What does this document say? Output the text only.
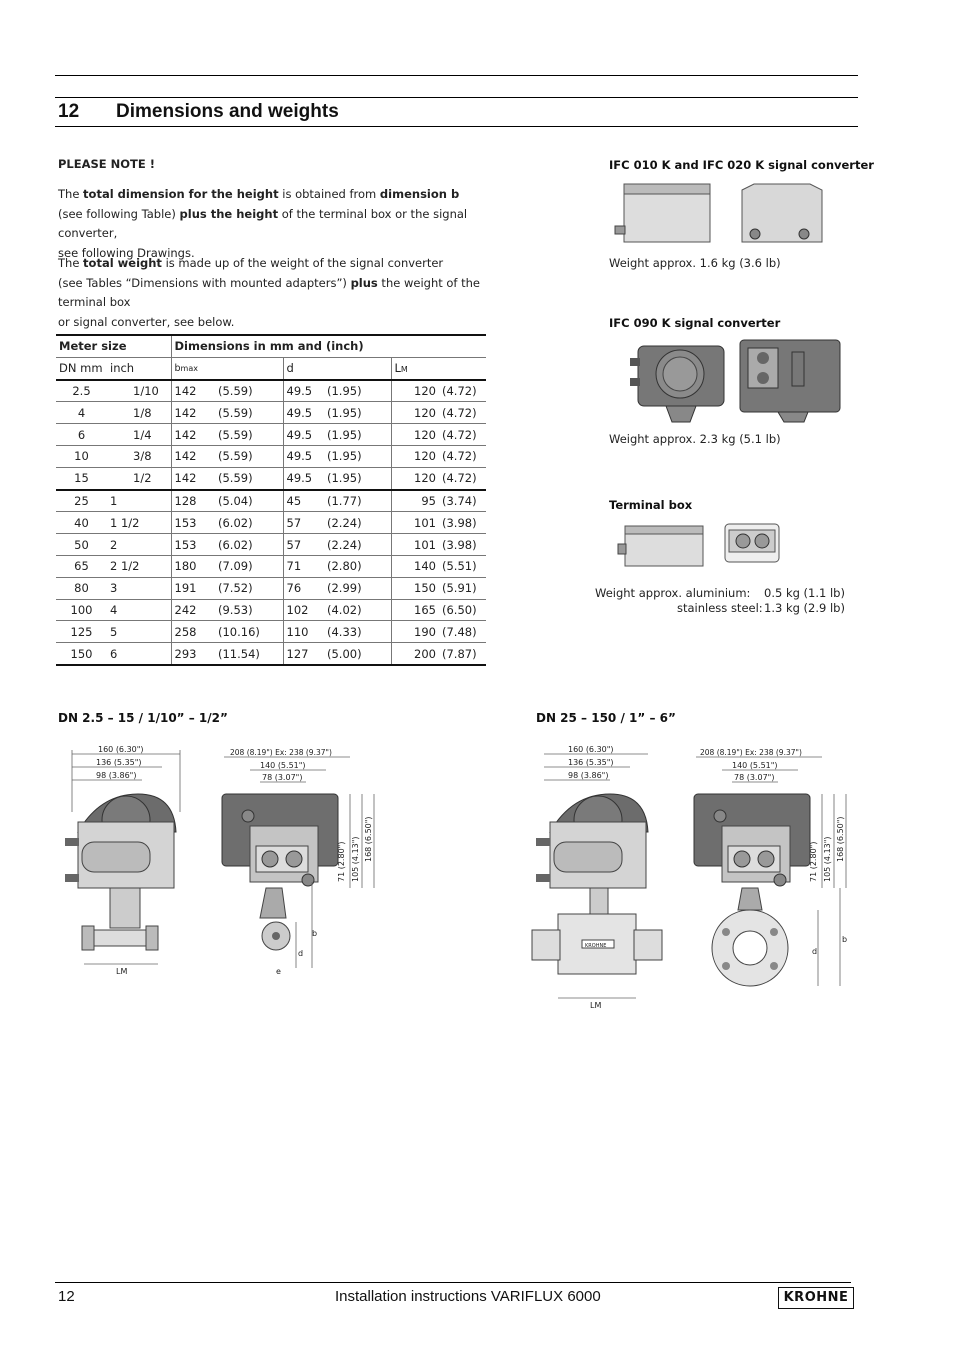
12 Dimensions and weights
PLEASE NOTE !

The total dimension for the height is obtained from dimension b
(see following Table) plus the height of the terminal box or the signal converter,
see following Drawings.

The total weight is made up of the weight of the signal converter
(see Tables “Dimensions with mounted adapters”) plus the weight of the terminal box
or signal converter, see below.

Meter size		Dimensions in mm and (inch)					
DN mm	inch	bmax		d		LM	
2.5	1/10	142	(5.59)	49.5	(1.95)	120	(4.72)
4	1/8	142	(5.59)	49.5	(1.95)	120	(4.72)
6	1/4	142	(5.59)	49.5	(1.95)	120	(4.72)
10	3/8	142	(5.59)	49.5	(1.95)	120	(4.72)
15	1/2	142	(5.59)	49.5	(1.95)	120	(4.72)
25	1	128	(5.04)	45	(1.77)	95	(3.74)
40	1 1/2	153	(6.02)	57	(2.24)	101	(3.98)
50	2	153	(6.02)	57	(2.24)	101	(3.98)
65	2 1/2	180	(7.09)	71	(2.80)	140	(5.51)
80	3	191	(7.52)	76	(2.99)	150	(5.91)
100	4	242	(9.53)	102	(4.02)	165	(6.50)
125	5	258	(10.16)	110	(4.33)	190	(7.48)
150	6	293	(11.54)	127	(5.00)	200	(7.87)
IFC 010 K and IFC 020 K signal converter
Weight approx. 1.6 kg (3.6 lb)
IFC 090 K signal converter
Weight approx. 2.3 kg (5.1 lb)
Terminal box
Weight approx. aluminium: 0.5 kg (1.1 lb)
stainless steel: 1.3 kg (2.9 lb)
DN 2.5 – 15 / 1/10” – 1/2”	DN 25 – 150 / 1” – 6”
160 (6.30")
136 (5.35")
98 (3.86")
LM
208 (8.19") Ex: 238 (9.37")
140 (5.51")
78 (3.07")
71 (2.80") 105 (4.13") 168 (6.50")
b
d
e
160 (6.30")
136 (5.35")
98 (3.86")
KROHNE
LM
208 (8.19") Ex: 238 (9.37")
140 (5.51")
78 (3.07")
71 (2.80") 105 (4.13") 168 (6.50")
b
d
12	Installation instructions VARIFLUX 6000	KROHNE
